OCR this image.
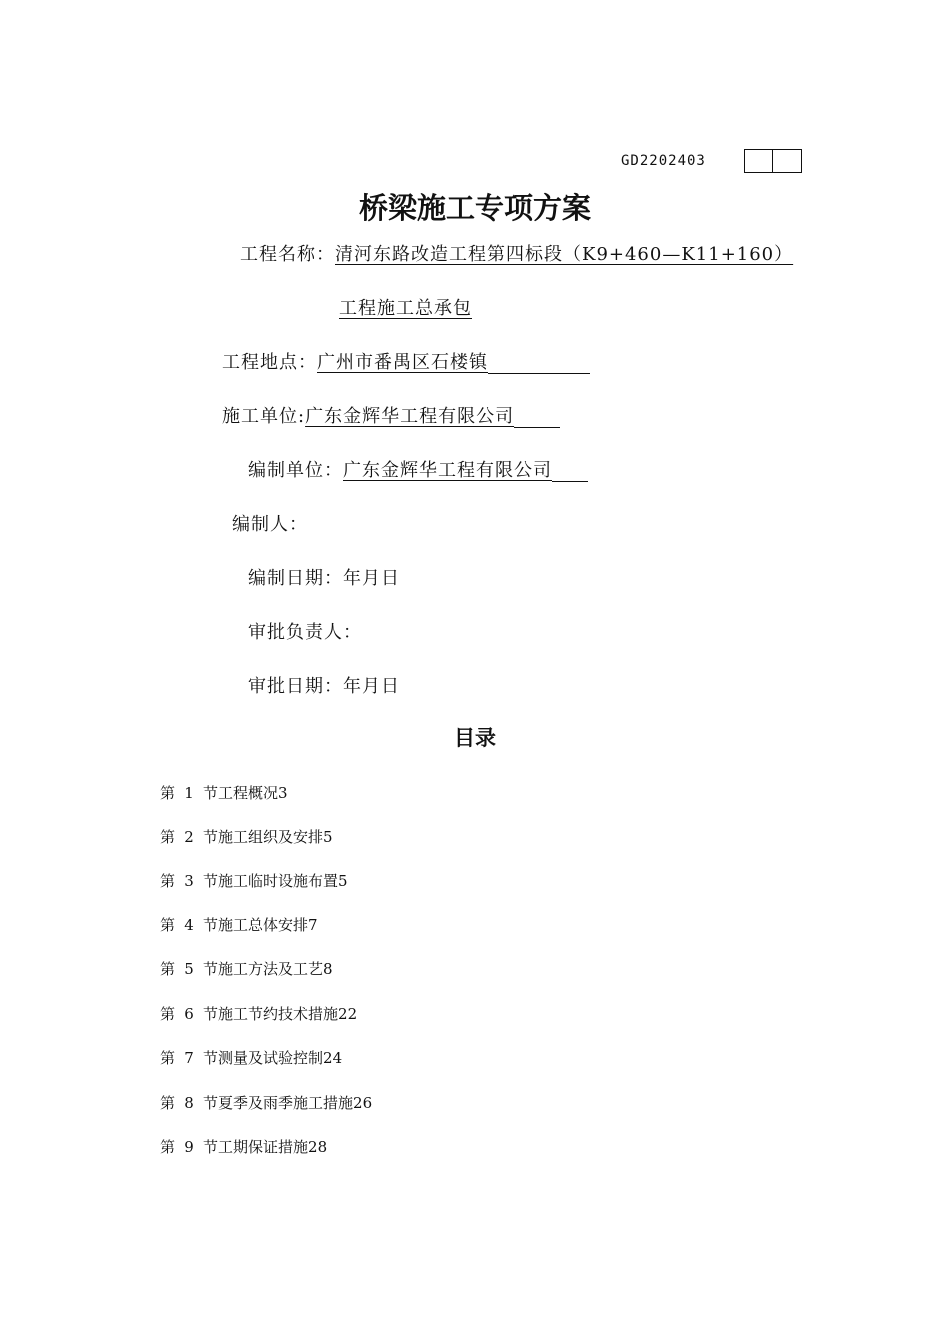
GD2202403
桥梁施工专项方案
工程名称：清河东路改造工程第四标段（K9+460—K11+160）
工程施工总承包
工程地点：广州市番禺区石楼镇
施工单位:广东金辉华工程有限公司
编制单位：广东金辉华工程有限公司
编制人：
编制日期：年月日
审批负责人：
审批日期：年月日
目录
第 1 节工程概况3
第 2 节施工组织及安排5
第 3 节施工临时设施布置5
第 4 节施工总体安排7
第 5 节施工方法及工艺8
第 6 节施工节约技术措施22
第 7 节测量及试验控制24
第 8 节夏季及雨季施工措施26
第 9 节工期保证措施28
